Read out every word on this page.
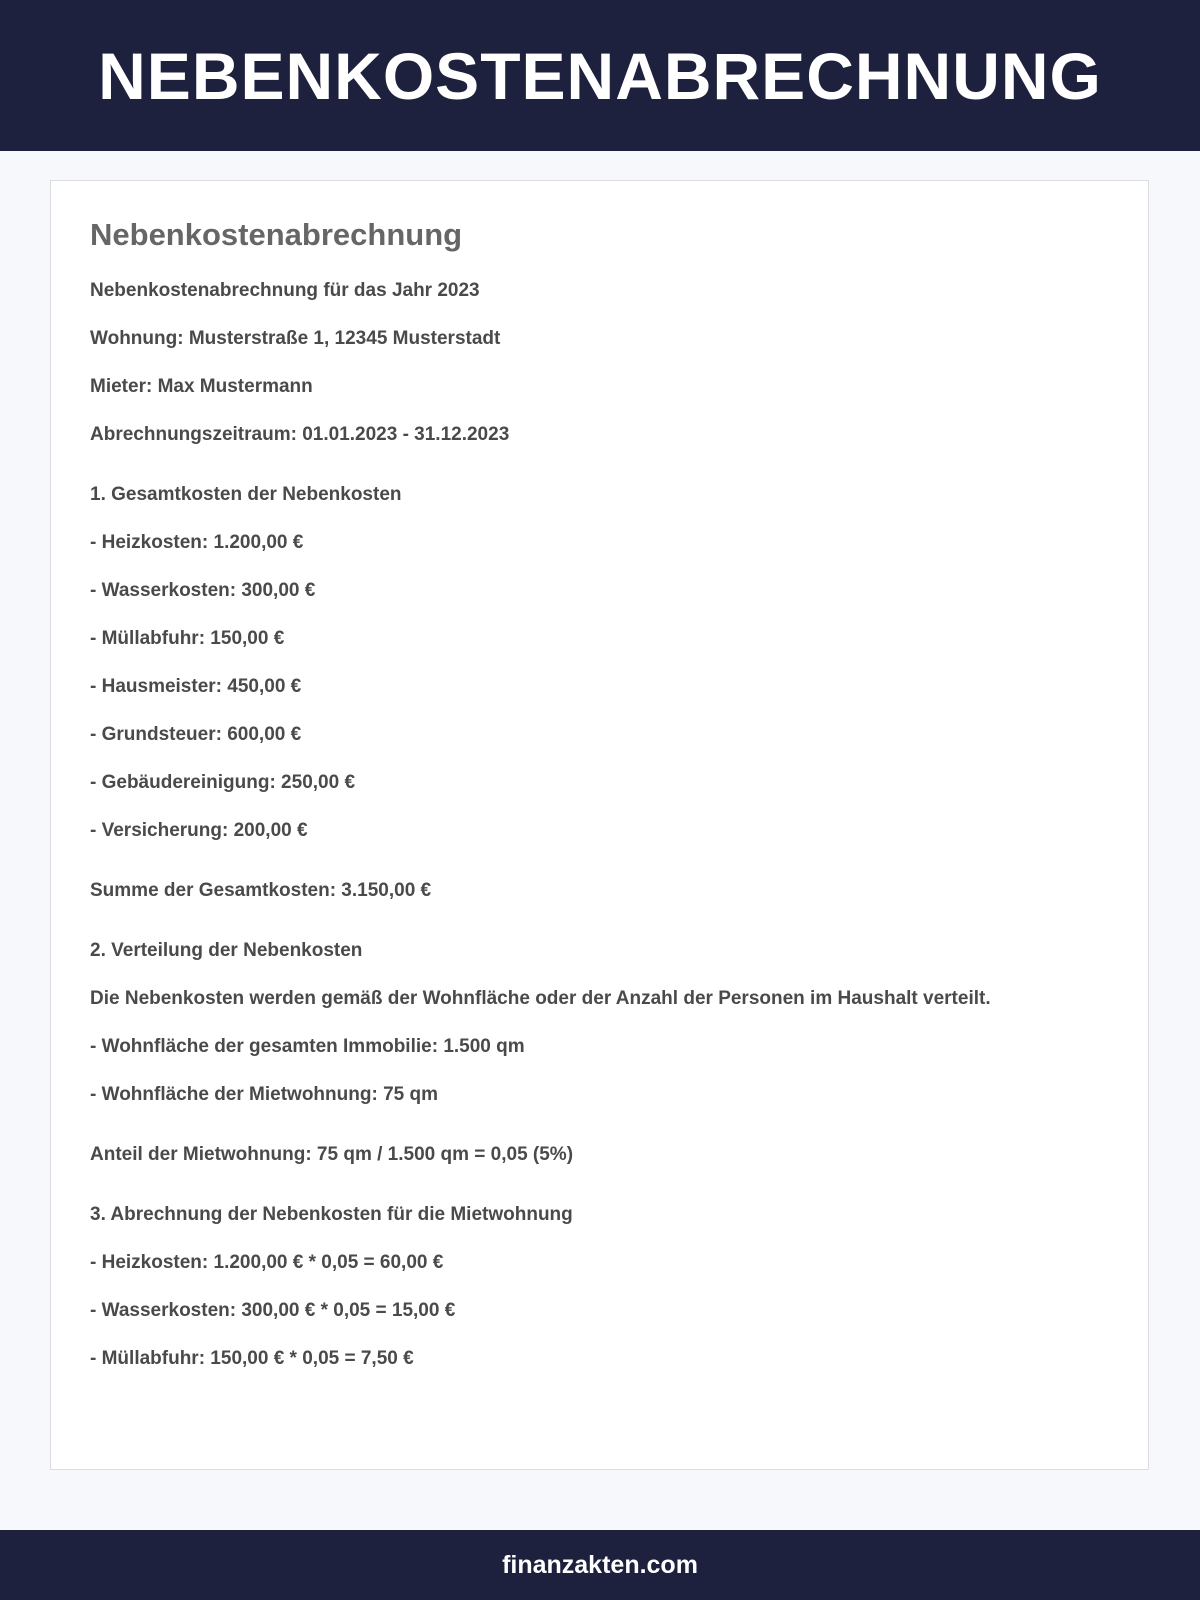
NEBENKOSTENABRECHNUNG
Nebenkostenabrechnung

Nebenkostenabrechnung für das Jahr 2023

Wohnung: Musterstraße 1, 12345 Musterstadt

Mieter: Max Mustermann

Abrechnungszeitraum: 01.01.2023 - 31.12.2023

1. Gesamtkosten der Nebenkosten

- Heizkosten: 1.200,00 €

- Wasserkosten: 300,00 €

- Müllabfuhr: 150,00 €

- Hausmeister: 450,00 €

- Grundsteuer: 600,00 €

- Gebäudereinigung: 250,00 €

- Versicherung: 200,00 €

Summe der Gesamtkosten: 3.150,00 €

2. Verteilung der Nebenkosten

Die Nebenkosten werden gemäß der Wohnfläche oder der Anzahl der Personen im Haushalt verteilt.

- Wohnfläche der gesamten Immobilie: 1.500 qm

- Wohnfläche der Mietwohnung: 75 qm

Anteil der Mietwohnung: 75 qm / 1.500 qm = 0,05 (5%)

3. Abrechnung der Nebenkosten für die Mietwohnung

- Heizkosten: 1.200,00 € * 0,05 = 60,00 €

- Wasserkosten: 300,00 € * 0,05 = 15,00 €

- Müllabfuhr: 150,00 € * 0,05 = 7,50 €

finanzakten.com
